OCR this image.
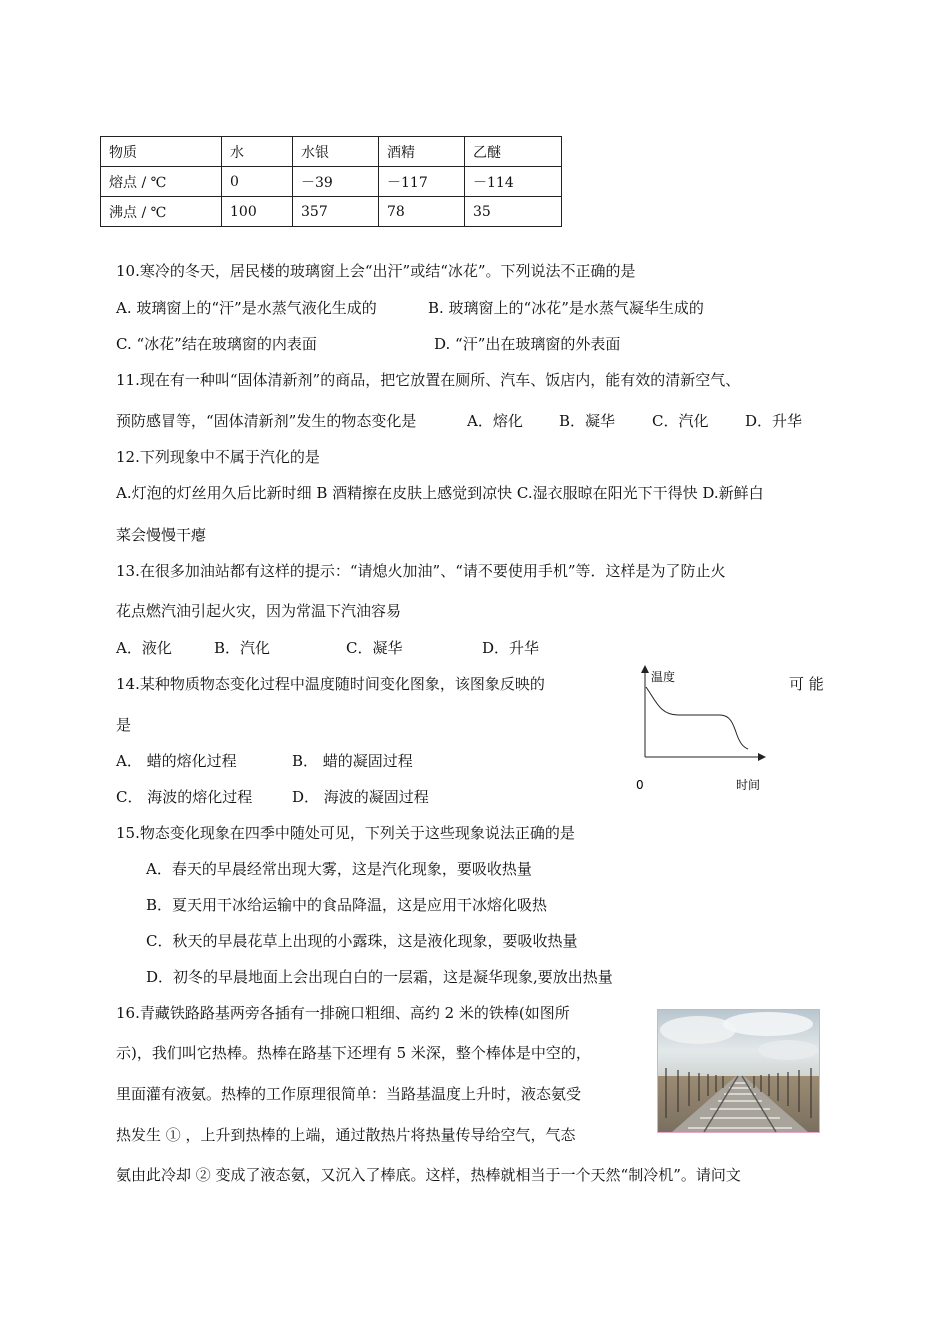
物质	水	水银	酒精	乙醚
熔点 / ℃	0	－39	－117	－114
沸点 / ℃	100	357	78	35
10.寒冷的冬天，居民楼的玻璃窗上会“出汗”或结“冰花”。下列说法不正确的是
A. 玻璃窗上的“汗”是水蒸气液化生成的	B. 玻璃窗上的“冰花”是水蒸气凝华生成的
C. “冰花”结在玻璃窗的内表面	D. “汗”出在玻璃窗的外表面
11.现在有一种叫“固体清新剂”的商品，把它放置在厕所、汽车、饭店内，能有效的清新空气、
预防感冒等，“固体清新剂”发生的物态变化是	A．熔化 B．凝华 C．汽化 D．升华
12.下列现象中不属于汽化的是
A.灯泡的灯丝用久后比新时细 B 酒精擦在皮肤上感觉到凉快 C.湿衣服晾在阳光下干得快 D.新鲜白
菜会慢慢干瘪
13.在很多加油站都有这样的提示：“请熄火加油”、“请不要使用手机”等．这样是为了防止火
花点燃汽油引起火灾，因为常温下汽油容易
A．液化	B．汽化	C．凝华	D．升华
14.某种物质物态变化过程中温度随时间变化图象，该图象反映的	可 能
是
A． 蜡的熔化过程	B． 蜡的凝固过程
C． 海波的熔化过程	D． 海波的凝固过程
温度
0	时间
15.物态变化现象在四季中随处可见，下列关于这些现象说法正确的是
A．春天的早晨经常出现大雾，这是汽化现象，要吸收热量
B．夏天用干冰给运输中的食品降温，这是应用干冰熔化吸热
C．秋天的早晨花草上出现的小露珠，这是液化现象，要吸收热量
D．初冬的早晨地面上会出现白白的一层霜，这是凝华现象,要放出热量
16.青藏铁路路基两旁各插有一排碗口粗细、高约 2 米的铁棒(如图所
示)，我们叫它热棒。热棒在路基下还埋有 5 米深，整个棒体是中空的，
里面灌有液氨。热棒的工作原理很简单：当路基温度上升时，液态氨受
热发生 ① ，上升到热棒的上端，通过散热片将热量传导给空气，气态
氨由此冷却 ② 变成了液态氨，又沉入了棒底。这样，热棒就相当于一个天然“制冷机”。请问文
